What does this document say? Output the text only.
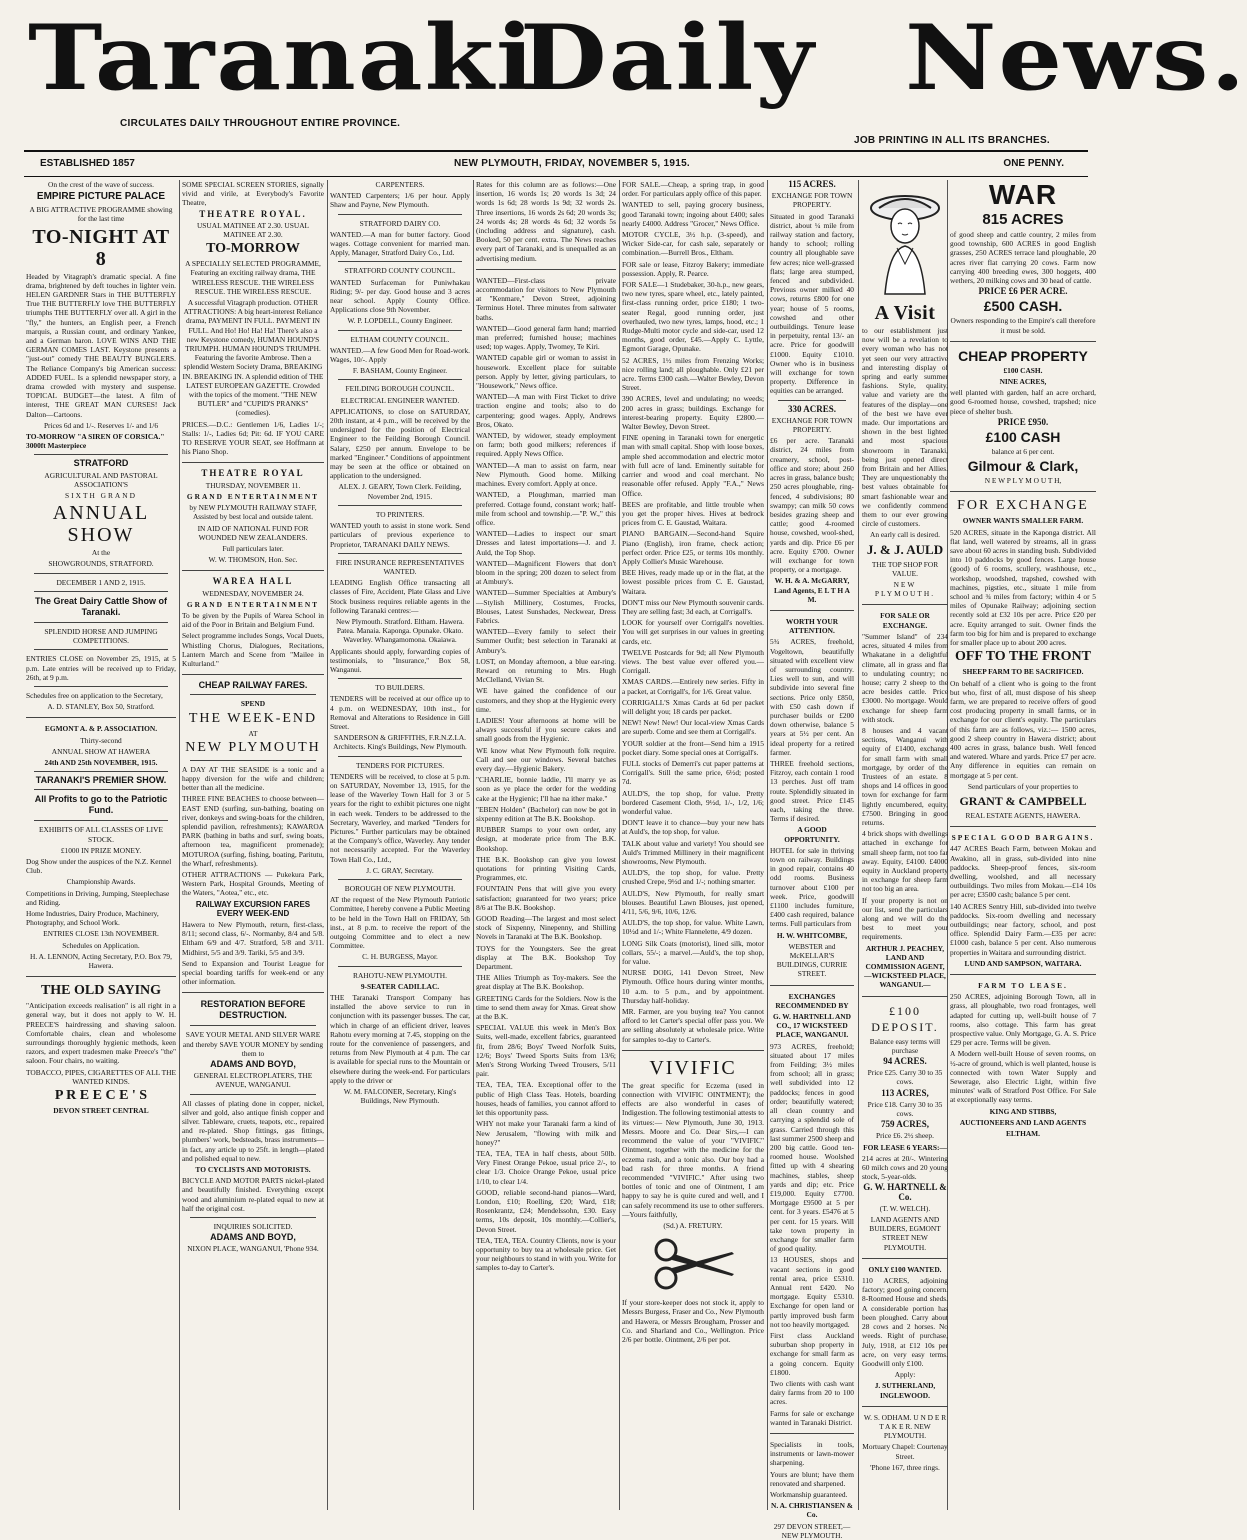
Taranaki
Daily News.
CIRCULATES DAILY THROUGHOUT ENTIRE PROVINCE.
JOB PRINTING IN ALL ITS BRANCHES.
ESTABLISHED 1857	NEW PLYMOUTH, FRIDAY, NOVEMBER 5, 1915.	ONE PENNY.

On the crest of the wave of success.

EMPIRE PICTURE PALACE

A BIG ATTRACTIVE PROGRAMME showing for the last time

TO-NIGHT AT 8

Headed by Vitagraph's dramatic special. A fine drama, brightened by deft touches in lighter vein. HELEN GARDNER Stars in THE BUTTERFLY True THE BUTTERFLY love THE BUTTERFLY triumphs THE BUTTERFLY over all. A girl in the "fly," the hunters, an English peer, a French marquis, a Russian count, and ordinary Yankee, and a German baron. LOVE WINS AND THE GERMAN COMES LAST. Keystone presents a "just-out" comedy THE BEAUTY BUNGLERS. The Reliance Company's big American success: ADDED FUEL. Is a splendid newspaper story, a drama crowded with mystery and suspense. TOPICAL BUDGET—the latest. A film of interest, THE GREAT MAN CURSES! Jack Dalton—Cartoons.

Prices 6d and 1/-. Reserves 1/- and 1/6

TO-MORROW "A SIREN OF CORSICA." 3000ft Masterpiece

STRATFORD

AGRICULTURAL AND PASTORAL ASSOCIATION'S

SIXTH GRAND

ANNUAL SHOW

At the

SHOWGROUNDS, STRATFORD.

DECEMBER 1 AND 2, 1915.

The Great Dairy Cattle Show of Taranaki.

SPLENDID HORSE AND JUMPING COMPETITIONS.

ENTRIES CLOSE on November 25, 1915, at 5 p.m. Late entries will be received up to Friday, 26th, at 9 p.m.

Schedules free on application to the Secretary,

A. D. STANLEY, Box 50, Stratford.

EGMONT A. & P. ASSOCIATION.

Thirty-second

ANNUAL SHOW AT HAWERA

24th AND 25th NOVEMBER, 1915.

TARANAKI'S PREMIER SHOW.

All Profits to go to the Patriotic Fund.

EXHIBITS OF ALL CLASSES OF LIVE STOCK.

£1000 IN PRIZE MONEY.

Dog Show under the auspices of the N.Z. Kennel Club.

Championship Awards.

Competitions in Driving, Jumping, Steeplechase and Riding.

Home Industries, Dairy Produce, Machinery, Photography, and School Work.

ENTRIES CLOSE 13th NOVEMBER.

Schedules on Application.

H. A. LENNON, Acting Secretary, P.O. Box 79, Hawera.

THE OLD SAYING

"Anticipation exceeds realisation" is all right in a general way, but it does not apply to W. H. PREECE'S hairdressing and shaving saloon. Comfortable chairs, clean and wholesome surroundings thoroughly hygienic methods, keen razors, and expert tradesmen make Preece's "the" saloon. Four chairs, no waiting.

TOBACCO, PIPES, CIGARETTES OF ALL THE WANTED KINDS.

P R E E C E ' S

DEVON STREET CENTRAL

SOME SPECIAL SCREEN STORIES, signally vivid and virile, at Everybody's Favorite Theatre,

THEATRE ROYAL.

USUAL MATINEE AT 2.30. USUAL MATINEE AT 2.30.

TO-MORROW

A SPECIALLY SELECTED PROGRAMME, Featuring an exciting railway drama, THE WIRELESS RESCUE. THE WIRELESS RESCUE. THE WIRELESS RESCUE.

A successful Vitagraph production. OTHER ATTRACTIONS: A big heart-interest Reliance drama, PAYMENT IN FULL. PAYMENT IN FULL. And Ho! Ho! Ha! Ha! There's also a new Keystone comedy, HUMAN HOUND'S TRIUMPH. HUMAN HOUND'S TRIUMPH. Featuring the favorite Ambrose. Then a splendid Western Society Drama, BREAKING IN. BREAKING IN. A splendid edition of THE LATEST EUROPEAN GAZETTE. Crowded with the topics of the moment. "THE NEW BUTLER" and "CUPID'S PRANKS" (comedies).

PRICES.—D.C.: Gentlemen 1/6, Ladies 1/-; Stalls: 1/-, Ladies 6d; Pit: 6d. IF YOU CARE TO RESERVE YOUR SEAT, see Hoffmann at his Piano Shop.

THEATRE ROYAL

THURSDAY, NOVEMBER 11.

GRAND ENTERTAINMENT

by NEW PLYMOUTH RAILWAY STAFF, Assisted by best local and outside talent.

IN AID OF NATIONAL FUND FOR WOUNDED NEW ZEALANDERS.

Full particulars later.

W. W. THOMSON, Hon. Sec.

WAREA HALL

WEDNESDAY, NOVEMBER 24.

GRAND ENTERTAINMENT

To be given by the Pupils of Warea School in aid of the Poor in Britain and Belgium Fund.

Select programme includes Songs, Vocal Duets, Whistling Chorus, Dialogues, Recitations, Lantern March and Scene from "Mailee in Kulturland."

CHEAP RAILWAY FARES.

SPEND

THE WEEK-END

AT

NEW PLYMOUTH

A DAY AT THE SEASIDE is a tonic and a happy diversion for the wife and children; better than all the medicine.

THREE FINE BEACHES to choose between—EAST END (surfing, sun-bathing, boating on river, donkeys and swing-boats for the children, splendid pavilion, refreshments); KAWAROA PARK (bathing in baths and surf, swing boats, afternoon tea, magnificent promenade); MOTUROA (surfing, fishing, boating, Paritutu, the Wharf, refreshments).

OTHER ATTRACTIONS — Pukekura Park, Western Park, Hospital Grounds, Meeting of the Waters, "Aotea," etc., etc.

RAILWAY EXCURSION FARES EVERY WEEK-END

Hawera to New Plymouth, return, first-class, 8/11; second class, 6/-. Normanby, 8/4 and 5/8. Eltham 6/9 and 4/7. Stratford, 5/8 and 3/11. Midhirst, 5/5 and 3/9. Tariki, 5/5 and 3/9.

Send to Expansion and Tourist League for special boarding tariffs for week-end or any other information.

RESTORATION BEFORE DESTRUCTION.

SAVE YOUR METAL AND SILVER WARE and thereby SAVE YOUR MONEY by sending them to

ADAMS AND BOYD,

GENERAL ELECTROPLATERS, THE AVENUE, WANGANUI.

All classes of plating done in copper, nickel, silver and gold, also antique finish copper and silver. Tableware, cruets, teapots, etc., repaired and re-plated. Shop fittings, gas fittings, plumbers' work, bedsteads, brass instruments—in fact, any article up to 25ft. in length—plated and polished equal to new.

TO CYCLISTS AND MOTORISTS.

BICYCLE AND MOTOR PARTS nickel-plated and beautifully finished. Everything except wood and aluminium re-plated equal to new at half the original cost.

INQUIRIES SOLICITED.

ADAMS AND BOYD,

NIXON PLACE, WANGANUI, 'Phone 934.

CARPENTERS.

WANTED Carpenters; 1/6 per hour. Apply Shaw and Payne, New Plymouth.

STRATFORD DAIRY CO.

WANTED.—A man for butter factory. Good wages. Cottage convenient for married man. Apply, Manager, Stratford Dairy Co., Ltd.

STRATFORD COUNTY COUNCIL.

WANTED Surfaceman for Puniwhakau Riding; 9/- per day. Good house and 3 acres near school. Apply County Office. Applications close 9th November.

W. P. LOPDELL, County Engineer.

ELTHAM COUNTY COUNCIL.

WANTED.—A few Good Men for Road-work. Wages, 10/-. Apply

F. BASHAM, County Engineer.

FEILDING BOROUGH COUNCIL.

ELECTRICAL ENGINEER WANTED.

APPLICATIONS, to close on SATURDAY, 20th instant, at 4 p.m., will be received by the undersigned for the position of Electrical Engineer to the Feilding Borough Council. Salary, £250 per annum. Envelope to be marked "Engineer." Conditions of appointment may be seen at the office or obtained on application to the undersigned.

ALEX. J. GEARY, Town Clerk. Feilding, November 2nd, 1915.

TO PRINTERS.

WANTED youth to assist in stone work. Send particulars of previous experience to Proprietor, TARANAKI DAILY NEWS.

FIRE INSURANCE REPRESENTATIVES WANTED.

LEADING English Office transacting all classes of Fire, Accident, Plate Glass and Live Stock business requires reliable agents in the following Taranaki centres:—

New Plymouth. Stratford. Eltham. Hawera. Patea. Manaia. Kaponga. Opunake. Okato. Waverley. Whangamomona. Okaiawa.

Applicants should apply, forwarding copies of testimonials, to "Insurance," Box 58, Wanganui.

TO BUILDERS.

TENDERS will be received at our office up to 4 p.m. on WEDNESDAY, 10th inst., for Removal and Alterations to Residence in Gill Street.

SANDERSON & GRIFFITHS, F.R.N.Z.I.A. Architects. King's Buildings, New Plymouth.

TENDERS FOR PICTURES.

TENDERS will be received, to close at 5 p.m. on SATURDAY, November 13, 1915, for the lease of the Waverley Town Hall for 3 or 5 years for the right to exhibit pictures one night in each week. Tenders to be addressed to the Secretary, Waverley, and marked "Tenders for Pictures." Further particulars may be obtained at the Company's office, Waverley. Any tender not necessarily accepted. For the Waverley Town Hall Co., Ltd.,

J. C. GRAY, Secretary.

BOROUGH OF NEW PLYMOUTH.

AT the request of the New Plymouth Patriotic Committee, I hereby convene a Public Meeting to be held in the Town Hall on FRIDAY, 5th inst., at 8 p.m. to receive the report of the outgoing Committee and to elect a new Committee.

C. H. BURGESS, Mayor.

RAHOTU-NEW PLYMOUTH.

9-SEATER CADILLAC.

THE Taranaki Transport Company has installed the above service to run in conjunction with its passenger busses. The car, which in charge of an efficient driver, leaves Rahotu every morning at 7.45, stopping on the route for the convenience of passengers, and returns from New Plymouth at 4 p.m. The car is available for special runs to the Mountain or elsewhere during the week-end. For particulars apply to the driver or

W. M. FALCONER, Secretary, King's Buildings, New Plymouth.

Rates for this column are as follows:—One insertion, 16 words 1s; 20 words 1s 3d; 24 words 1s 6d; 28 words 1s 9d; 32 words 2s. Three insertions, 16 words 2s 6d; 20 words 3s; 24 words 4s; 28 words 4s 6d; 32 words 5s (including address and signature), cash. Booked, 50 per cent. extra. The News reaches every part of Taranaki, and is unequalled as an advertising medium.

WANTED—First-class private accommodation for visitors to New Plymouth at "Kenmare," Devon Street, adjoining Terminus Hotel. Three minutes from saltwater baths.

WANTED—Good general farm hand; married man preferred; furnished house; machines used; top wages. Apply, Twomey, Te Kiri.

WANTED capable girl or woman to assist in housework. Excellent place for suitable person. Apply by letter, giving particulars, to "Housework," News office.

WANTED—A man with First Ticket to drive traction engine and tools; also to do carpentering; good wages. Apply, Andrews Bros, Okato.

WANTED, by widower, steady employment on farm; both good milkers; references if required. Apply News Office.

WANTED—A man to assist on farm, near New Plymouth. Good home. Milking machines. Every comfort. Apply at once.

WANTED, a Ploughman, married man preferred. Cottage found, constant work; half-mile from school and township.—"P. W.," this office.

WANTED—Ladies to inspect our smart Dresses and latest importations—J. and J. Auld, the Top Shop.

WANTED—Magnificent Flowers that don't bloom in the spring; 200 dozen to select from at Ambury's.

WANTED—Summer Specialties at Ambury's—Stylish Millinery, Costumes, Frocks, Blouses, Latest Sunshades, Neckwear, Dress Fabrics.

WANTED—Every family to select their Summer Outfit; best selection in Taranaki at Ambury's.

LOST, on Monday afternoon, a blue ear-ring. Reward on returning to Mrs. Hugh McClelland, Vivian St.

WE have gained the confidence of our customers, and they shop at the Hygienic every time.

LADIES! Your afternoons at home will be always successful if you secure cakes and small goods from the Hygienic.

WE know what New Plymouth folk require. Call and see our windows. Several batches every day.—Hygienic Bakery.

"CHARLIE, bonnie laddie, I'll marry ye as soon as ye place the order for the wedding cake at the Hygienic; I'll hae na ither make."

"EBEN Holden" (Bachelor) can now be got in sixpenny edition at The B.K. Bookshop.

RUBBER Stamps to your own order, any design, at moderate price from The B.K. Bookshop.

THE B.K. Bookshop can give you lowest quotations for printing Visiting Cards, Programmes, etc.

FOUNTAIN Pens that will give you every satisfaction; guaranteed for two years; price 8/6 at The B.K. Bookshop.

GOOD Reading—The largest and most select stock of Sixpenny, Ninepenny, and Shilling Novels in Taranaki at The B.K. Bookshop.

TOYS for the Youngsters. See the great display at The B.K. Bookshop Toy Department.

THE Allies Triumph as Toy-makers. See the great display at The B.K. Bookshop.

GREETING Cards for the Soldiers. Now is the time to send them away for Xmas. Great show at the B.K.

SPECIAL VALUE this week in Men's Box Suits, well-made, excellent fabrics, guaranteed fit, from 28/6; Boys' Tweed Norfolk Suits, 12/6; Boys' Tweed Sports Suits from 13/6; Men's Strong Working Tweed Trousers, 5/11 pair.

TEA, TEA, TEA. Exceptional offer to the public of High Class Teas. Hotels, boarding houses, heads of families, you cannot afford to let this opportunity pass.

WHY not make your Taranaki farm a kind of New Jerusalem, "flowing with milk and honey?"

TEA, TEA, TEA in half chests, about 50lb. Very Finest Orange Pekoe, usual price 2/-, to clear 1/3. Choice Orange Pekoe, usual price 1/10, to clear 1/4.

GOOD, reliable second-hand pianos—Ward, London, £10; Roelling, £20; Ward, £18; Rosenkrantz, £24; Mendelssohn, £30. Easy terms, 10s deposit, 10s monthly.—Collier's, Devon Street.

TEA, TEA, TEA. Country Clients, now is your opportunity to buy tea at wholesale price. Get your neighbours to stand in with you. Write for samples to-day to Carter's.

FOR SALE.—Cheap, a spring trap, in good order. For particulars apply office of this paper.

WANTED to sell, paying grocery business, good Taranaki town; ingoing about £400; sales nearly £4000. Address "Grocer," News Office.

MOTOR CYCLE, 3½ h.p. (3-speed), and Wicker Side-car, for cash sale, separately or combination.—Burrell Bros., Eltham.

FOR sale or lease, Fitzroy Bakery; immediate possession. Apply, R. Pearce.

FOR SALE—1 Studebaker, 30-h.p., new gears, two new tyres, spare wheel, etc., lately painted, first-class running order, price £180; 1 two-seater Regal, good running order, just overhauled, two new tyres, lamps, hood, etc.; 1 Rudge-Multi motor cycle and side-car, used 12 months, good order, £45.—Apply C. Lyttle, Egmont Garage, Opunake.

52 ACRES, 1½ miles from Frenzing Works; nice rolling land; all ploughable. Only £21 per acre. Terms £300 cash.—Walter Bewley, Devon Street.

390 ACRES, level and undulating; no weeds; 200 acres in grass; buildings. Exchange for interest-bearing property. Equity £2800.—Walter Bewley, Devon Street.

FINE opening in Taranaki town for energetic man with small capital. Shop with loose boxes, ample shed accommodation and electric motor with full acre of land. Eminently suitable for carrier and wood and coal merchant. No reasonable offer refused. Apply "F.A.," News Office.

BEES are profitable, and little trouble when you get the proper hives. Hives at bedrock prices from C. E. Gaustad, Waitara.

PIANO BARGAIN.—Second-hand Squire Piano (English), iron frame, check action; perfect order. Price £25, or terms 10s monthly. Apply Collier's Music Warehouse.

BEE Hives, ready made up or in the flat, at the lowest possible prices from C. E. Gaustad, Waitara.

DON'T miss our New Plymouth souvenir cards. They are selling fast; 3d each, at Corrigall's.

LOOK for yourself over Corrigall's novelties. You will get surprises in our values in greeting cards, etc.

TWELVE Postcards for 9d; all New Plymouth views. The best value ever offered you.—Corrigall.

XMAS CARDS.—Entirely new series. Fifty in a packet, at Corrigall's, for 1/6. Great value.

CORRIGALL'S Xmas Cards at 6d per packet will delight you; 18 cards per packet.

NEW! New! New! Our local-view Xmas Cards are superb. Come and see them at Corrigall's.

YOUR soldier at the front—Send him a 1915 pocket diary. Some special ones at Corrigall's.

FULL stocks of Demerri's cut paper patterns at Corrigall's. Still the same price, 6½d; posted 7d.

AULD'S, the top shop, for value. Pretty bordered Casement Cloth, 9½d, 1/-, 1/2, 1/6; wonderful value.

DON'T leave it to chance—buy your new hats at Auld's, the top shop, for value.

TALK about value and variety! You should see Auld's Trimmed Millinery in their magnificent showrooms, New Plymouth.

AULD'S, the top shop, for value. Pretty crushed Crepe, 9½d and 1/-; nothing smarter.

AULD'S, New Plymouth, for really smart blouses. Beautiful Lawn Blouses, just opened, 4/11, 5/6, 9/6, 10/6, 12/6.

AULD'S, the top shop, for value. White Lawn, 10½d and 1/-; White Flannelette, 4/9 dozen.

LONG Silk Coats (motorist), lined silk, motor collars, 55/-; a marvel.—Auld's, the top shop, for value.

NURSE DOIG, 141 Devon Street, New Plymouth. Office hours during winter months, 10 a.m. to 5 p.m., and by appointment. Thursday half-holiday.

MR. Farmer, are you buying tea? You cannot afford to let Carter's special offer pass you. We are selling absolutely at wholesale price. Write for samples to-day to Carter's.

VIVIFIC

The great specific for Eczema (used in connection with VIVIFIC OINTMENT); the effects are also wonderful in cases of Indigestion. The following testimonial attests to its virtues:— New Plymouth, June 30, 1913. Messrs. Moore and Co. Dear Sirs,—I can recommend the value of your "VIVIFIC" Ointment, together with the medicine for the eczema rash, and a tonic also. Our boy had a bad rash for three months. A friend recommended "VIVIFIC." After using two bottles of tonic and one of Ointment, I am happy to say he is quite cured and well, and I can safely recommend its use to other sufferers.—Yours faithfully,

(Sd.) A. FRETURY.

If your store-keeper does not stock it, apply to Messrs Burgess, Fraser and Co., New Plymouth and Hawera, or Messrs Brougham, Prosser and Co. and Sharland and Co., Wellington. Price 2/6 per bottle. Ointment, 2/6 per pot.

115 ACRES.

EXCHANGE FOR TOWN PROPERTY.

Situated in good Taranaki district, about ¼ mile from railway station and factory, handy to school; rolling country all ploughable save few acres; nice well-grassed flats; large area stumped, fenced and subdivided. Previous owner milked 40 cows, returns £800 for one year; house of 5 rooms, cowshed and other outbuildings. Tenure lease in perpetuity, rental 13/- an acre. Price for goodwill £1000. Equity £1010. Owner who is in business will exchange for town property. Difference in equities can be arranged.

330 ACRES.

EXCHANGE FOR TOWN PROPERTY.

£6 per acre. Taranaki district, 24 miles from creamery, school, post-office and store; about 260 acres in grass, balance bush; 250 acres ploughable, ring-fenced, 4 subdivisions; 80 swampy; can milk 50 cows besides grazing sheep and cattle; good 4-roomed house, cowshed, wool-shed, yards and dip. Price £6 per acre. Equity £700. Owner will exchange for town property, or a mortgage.

W. H. & A. McGARRY, Land Agents, E L T H A M.

WORTH YOUR ATTENTION.

5¾ ACRES, freehold, Vogeltown, beautifully situated with excellent view of surrounding country. Lies well to sun, and will subdivide into several fine sections. Price only £850, with £50 cash down if purchaser builds or £200 down otherwise, balance 5 years at 5½ per cent. An ideal property for a retired farmer.

THREE freehold sections, Fitzroy, each contain 1 rood 13 perches. Just off tram route. Splendidly situated in good street. Price £145 each, taking the three. Terms if desired.

A GOOD OPPORTUNITY.

HOTEL for sale in thriving town on railway. Buildings in good repair, contains 40 odd rooms. Business turnover about £100 per week. Price, goodwill £1100 includes furniture, £400 cash required, balance terms. Full particulars from

H. W. WHITCOMBE,

WEBSTER and McKELLAR'S BUILDINGS, CURRIE STREET.

EXCHANGES RECOMMENDED BY

G. W. HARTNELL AND CO., 17 WICKSTEED PLACE, WANGANUI.

973 ACRES, freehold; situated about 17 miles from Feilding; 3½ miles from school; all in grass; well subdivided into 12 paddocks; fences in good order; beautifully watered; all clean country and carrying a splendid sole of grass. Carried through this last summer 2500 sheep and 200 big cattle. Good ten-roomed house. Woolshed fitted up with 4 shearing machines, stables, sheep yards and dip; etc. Price £19,000. Equity £7700. Mortgage £9500 at 5 per cent. for 3 years. £5476 at 5 per cent. for 15 years. Will take town property in exchange for smaller farm of good quality.

13 HOUSES, shops and vacant sections in good rental area, price £5310. Annual rent £420. No mortgage. Equity £5310. Exchange for open land or partly improved bush farm not too heavily mortgaged.

First class Auckland suburban shop property in exchange for small farm as a going concern. Equity £1800.

Two clients with cash want dairy farms from 20 to 100 acres.

Farms for sale or exchange wanted in Taranaki District.

Specialists in tools, instruments or lawn-mower sharpening.

Yours are blunt; have them renovated and sharpened.

Workmanship guaranteed.

N. A. CHRISTIANSEN & Co.

297 DEVON STREET,— NEW PLYMOUTH.

A Visit

to our establishment just now will be a revelation to every woman who has not yet seen our very attractive and interesting display of spring and early summer fashions. Style, quality, value and variety are the features of the display—one of the best we have ever made. Our importations are shown in the best lighted and most spacious showroom in Taranaki, being just opened direct from Britain and her Allies. They are unquestionably the best values obtainable for smart fashionable wear and we confidently commend them to our ever growing circle of customers.

An early call is desired.

J. & J. AULD

THE TOP SHOP FOR VALUE.

NEW PLYMOUTH.

FOR SALE OR EXCHANGE.

"Summer Island" of 234 acres, situated 4 miles from Whakatane in a delightful climate, all in grass and flat to undulating country; no house; carry 2 sheep to the acre besides cattle. Price £3000. No mortgage. Would exchange for sheep farm with stock.

8 houses and 4 vacant sections, Wanganui with equity of £1400, exchange for small farm with small mortgage, by order of the Trustees of an estate. 8 shops and 14 offices in good town for exchange for farm lightly encumbered, equity, £7500. Bringing in good returns.

4 brick shops with dwellings attached in exchange for small sheep farm, not too far away. Equity, £4100. £4000 equity in Auckland property in exchange for sheep farm not too big an area.

If your property is not on our list, send the particulars along and we will do the best to meet your requirements.

ARTHUR J. PEACHEY, LAND AND COMMISSION AGENT, —WICKSTEED PLACE, WANGANUI.—

£100 DEPOSIT.

Balance easy terms will purchase

94 ACRES.

Price £25. Carry 30 to 35 cows.

113 ACRES,

Price £18. Carry 30 to 35 cows.

759 ACRES,

Price £6. 2½ sheep.

FOR LEASE 6 YEARS:—

214 acres at 20/-. Wintering 60 milch cows and 20 young stock, 5-year-olds.

G. W. HARTNELL & Co.

(T. W. WELCH).

LAND AGENTS AND BUILDERS, EGMONT STREET NEW PLYMOUTH.

ONLY £100 WANTED.

110 ACRES, adjoining factory; good going concern. 8-Roomed House and sheds. A considerable portion has been ploughed. Carry about 28 cows and 2 horses. No weeds. Right of purchase, July, 1918, at £12 10s per acre, on very easy terms. Goodwill only £100.

Apply:

J. SUTHERLAND, INGLEWOOD.

W. S. ODHAM. U N D E R T A K E R. NEW PLYMOUTH.

Mortuary Chapel: Courtenay Street.

'Phone 167, three rings.

WAR

815 ACRES

of good sheep and cattle country, 2 miles from good township, 600 ACRES in good English grasses, 250 ACRES terrace land ploughable, 20 acres river flat carrying 20 cows. Farm now carrying 400 breeding ewes, 300 hoggets, 400 wethers, 20 milking cows and 30 head of cattle.

PRICE £6 PER ACRE.

£500 CASH.

Owners responding to the Empire's call therefore it must be sold.

CHEAP PROPERTY

£100 CASH.

NINE ACRES,

well planted with garden, half an acre orchard, good 6-roomed house, cowshed, trapshed; nice piece of shelter bush.

PRICE £950.

£100 CASH

balance at 6 per cent.

Gilmour & Clark,

N E W P L Y M O U T H,

FOR EXCHANGE

OWNER WANTS SMALLER FARM.

520 ACRES, situate in the Kaponga district. All flat land, well watered by streams, all in grass save about 60 acres in standing bush. Subdivided into 10 paddocks by good fences. Large house (good) of 6 rooms, scullery, washhouse, etc., workshop, woodshed, trapshed, cowshed with machines, pigsties, etc., situate 1 mile from school and ¾ miles from factory; within 4 or 5 miles of Opunake Railway; adjoining section recently sold at £32 10s per acre. Price £20 per acre. Equity arranged to suit. Owner finds the farm too big for him and is prepared to exchange for smaller place up to about 200 acres.

OFF TO THE FRONT

SHEEP FARM TO BE SACRIFICED.

On behalf of a client who is going to the front but who, first of all, must dispose of his sheep farm, we are prepared to receive offers of good cost producing property in small farms, or in exchange for our client's equity. The particulars of this farm are as follows, viz.:— 1500 acres, good 2 sheep country in Hawera district; about 400 acres in grass, balance bush. Well fenced and watered. Whare and yards. Price £7 per acre. Any difference in equities can remain on mortgage at 5 per cent.

Send particulars of your properties to

GRANT & CAMPBELL

REAL ESTATE AGENTS, HAWERA.

SPECIAL GOOD BARGAINS.

447 ACRES Beach Farm, between Mokau and Awakino, all in grass, sub-divided into nine paddocks. Sheep-proof fences, six-room dwelling, woolshed, and all necessary outbuildings. Two miles from Mokau.—£14 10s per acre; £3500 cash; balance 5 per cent.

140 ACRES Sentry Hill, sub-divided into twelve paddocks. Six-room dwelling and necessary outbuildings; near factory, school, and post office. Splendid Dairy Farm.—£35 per acre: £1000 cash, balance 5 per cent. Also numerous properties in Waitara and surrounding district.

LUND AND SAMPSON, WAITARA.

FARM TO LEASE.

250 ACRES, adjoining Borough Town, all in grass, all ploughable, two road frontages, well adapted for cutting up, well-built house of 7 rooms, also cottage. This farm has great prospective value. Only Mortgage, G. A. S. Price £29 per acre. Terms will be given.

A Modern well-built House of seven rooms, on ½-acre of ground, which is well planted, house is connected with town Water Supply and Sewerage, also Electric Light, within five minutes' walk of Stratford Post Office. For Sale at exceptionally easy terms.

KING AND STIBBS,

AUCTIONEERS AND LAND AGENTS

ELTHAM.
